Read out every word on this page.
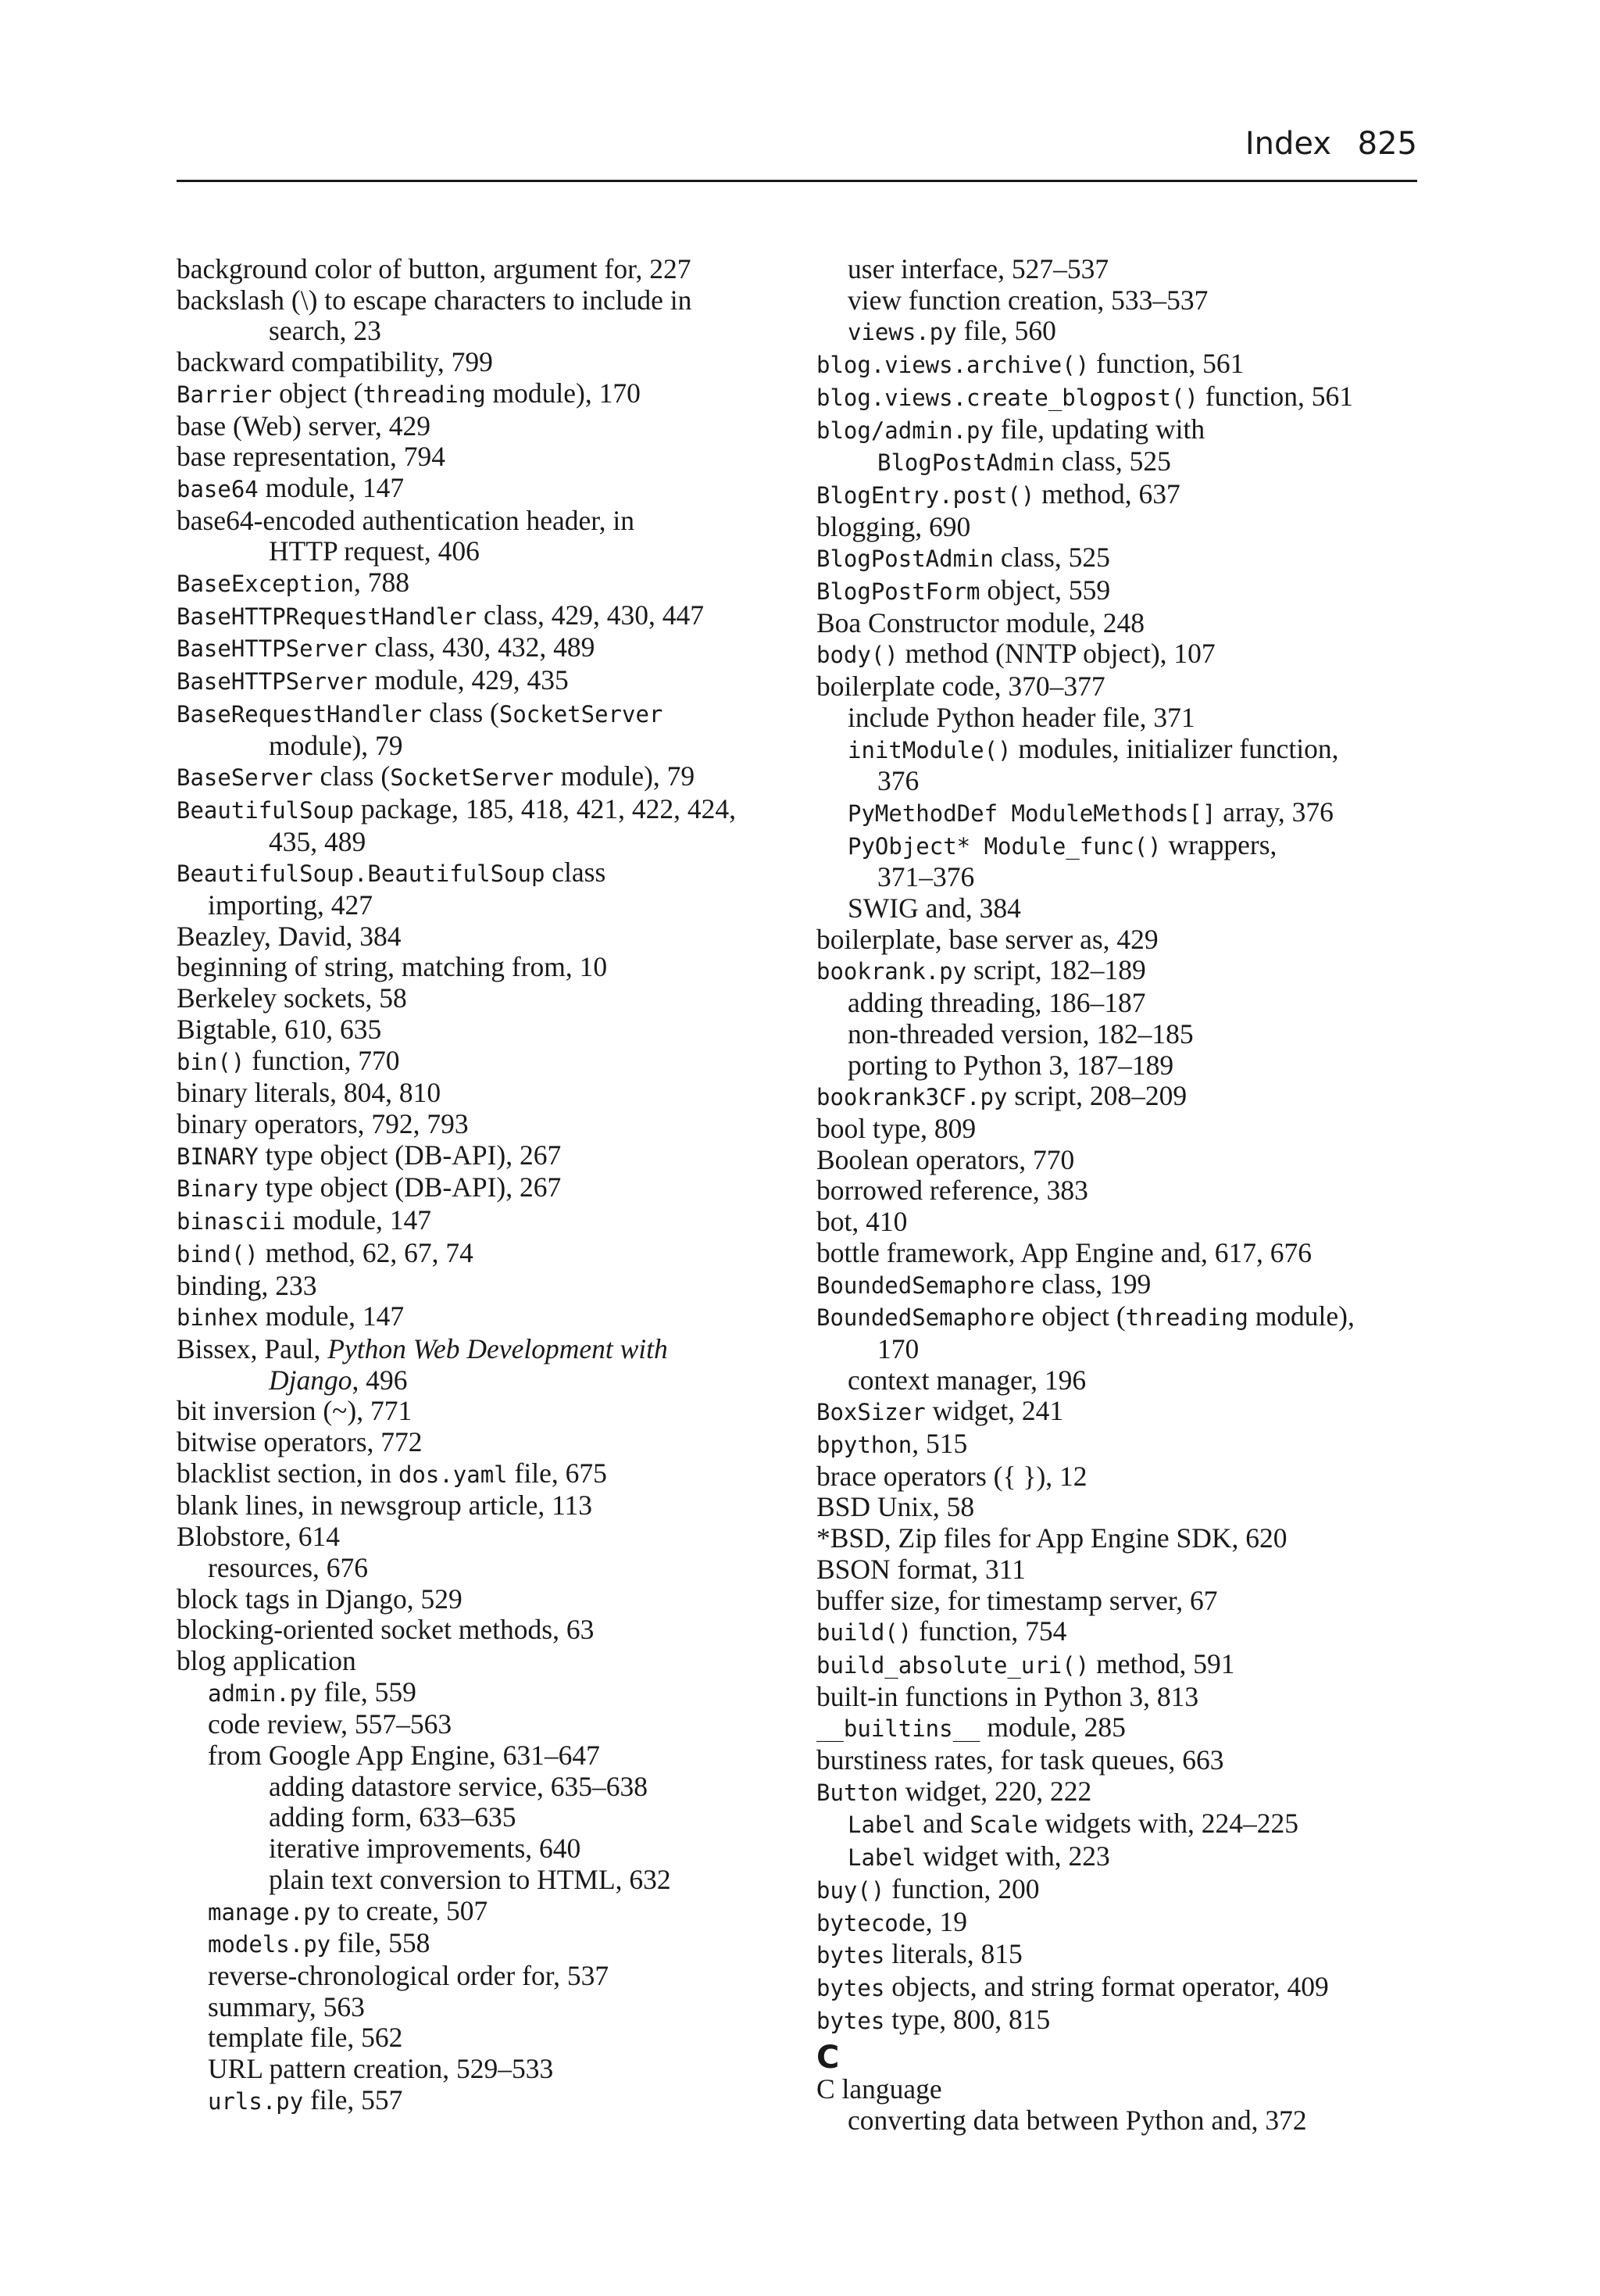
Index 825
background color of button, argument for, 227
backslash (\) to escape characters to include in
search, 23
backward compatibility, 799
Barrier object (threading module), 170
base (Web) server, 429
base representation, 794
base64 module, 147
base64-encoded authentication header, in
HTTP request, 406
BaseException, 788
BaseHTTPRequestHandler class, 429, 430, 447
BaseHTTPServer class, 430, 432, 489
BaseHTTPServer module, 429, 435
BaseRequestHandler class (SocketServer
module), 79
BaseServer class (SocketServer module), 79
BeautifulSoup package, 185, 418, 421, 422, 424,
435, 489
BeautifulSoup.BeautifulSoup class
importing, 427
Beazley, David, 384
beginning of string, matching from, 10
Berkeley sockets, 58
Bigtable, 610, 635
bin() function, 770
binary literals, 804, 810
binary operators, 792, 793
BINARY type object (DB-API), 267
Binary type object (DB-API), 267
binascii module, 147
bind() method, 62, 67, 74
binding, 233
binhex module, 147
Bissex, Paul, Python Web Development with
Django, 496
bit inversion (~), 771
bitwise operators, 772
blacklist section, in dos.yaml file, 675
blank lines, in newsgroup article, 113
Blobstore, 614
resources, 676
block tags in Django, 529
blocking-oriented socket methods, 63
blog application
admin.py file, 559
code review, 557–563
from Google App Engine, 631–647
adding datastore service, 635–638
adding form, 633–635
iterative improvements, 640
plain text conversion to HTML, 632
manage.py to create, 507
models.py file, 558
reverse-chronological order for, 537
summary, 563
template file, 562
URL pattern creation, 529–533
urls.py file, 557
user interface, 527–537
view function creation, 533–537
views.py file, 560
blog.views.archive() function, 561
blog.views.create_blogpost() function, 561
blog/admin.py file, updating with
BlogPostAdmin class, 525
BlogEntry.post() method, 637
blogging, 690
BlogPostAdmin class, 525
BlogPostForm object, 559
Boa Constructor module, 248
body() method (NNTP object), 107
boilerplate code, 370–377
include Python header file, 371
initModule() modules, initializer function,
376
PyMethodDef ModuleMethods[] array, 376
PyObject* Module_func() wrappers,
371–376
SWIG and, 384
boilerplate, base server as, 429
bookrank.py script, 182–189
adding threading, 186–187
non-threaded version, 182–185
porting to Python 3, 187–189
bookrank3CF.py script, 208–209
bool type, 809
Boolean operators, 770
borrowed reference, 383
bot, 410
bottle framework, App Engine and, 617, 676
BoundedSemaphore class, 199
BoundedSemaphore object (threading module),
170
context manager, 196
BoxSizer widget, 241
bpython, 515
brace operators ({ }), 12
BSD Unix, 58
*BSD, Zip files for App Engine SDK, 620
BSON format, 311
buffer size, for timestamp server, 67
build() function, 754
build_absolute_uri() method, 591
built-in functions in Python 3, 813
__builtins__ module, 285
burstiness rates, for task queues, 663
Button widget, 220, 222
Label and Scale widgets with, 224–225
Label widget with, 223
buy() function, 200
bytecode, 19
bytes literals, 815
bytes objects, and string format operator, 409
bytes type, 800, 815
C
C language
converting data between Python and, 372
